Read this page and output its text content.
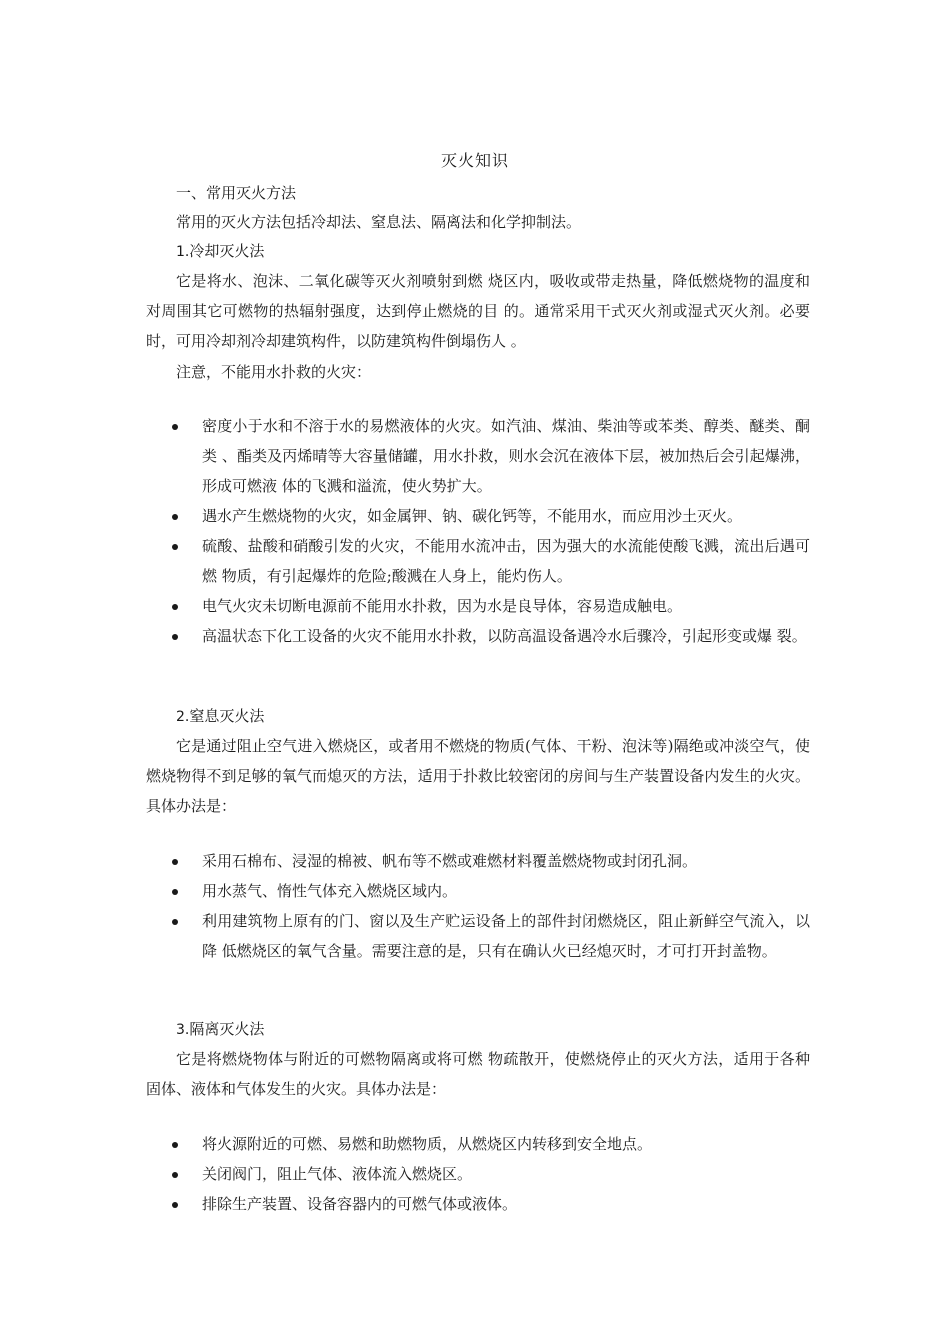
灭火知识

一、常用灭火方法

常用的灭火方法包括冷却法、窒息法、隔离法和化学抑制法。

1.冷却灭火法

它是将水、泡沫、二氧化碳等灭火剂喷射到燃 烧区内，吸收或带走热量，降低燃烧物的温度和对周围其它可燃物的热辐射强度，达到停止燃烧的目 的。通常采用干式灭火剂或湿式灭火剂。必要时，可用冷却剂冷却建筑构件，以防建筑构件倒塌伤人 。

注意，不能用水扑救的火灾：

密度小于水和不溶于水的易燃液体的火灾。如汽油、煤油、柴油等或苯类、醇类、醚类、酮类 、酯类及丙烯晴等大容量储罐，用水扑救，则水会沉在液体下层，被加热后会引起爆沸，形成可燃液 体的飞溅和溢流，使火势扩大。
遇水产生燃烧物的火灾，如金属钾、钠、碳化钙等，不能用水，而应用沙土灭火。
硫酸、盐酸和硝酸引发的火灾，不能用水流冲击，因为强大的水流能使酸飞溅，流出后遇可燃 物质，有引起爆炸的危险;酸溅在人身上，能灼伤人。
电气火灾未切断电源前不能用水扑救，因为水是良导体，容易造成触电。
高温状态下化工设备的火灾不能用水扑救，以防高温设备遇冷水后骤冷，引起形变或爆 裂。

2.窒息灭火法

它是通过阻止空气进入燃烧区，或者用不燃烧的物质(气体、干粉、泡沫等)隔绝或冲淡空气，使燃烧物得不到足够的氧气而熄灭的方法，适用于扑救比较密闭的房间与生产装置设备内发生的火灾。具体办法是：

采用石棉布、浸湿的棉被、帆布等不燃或难燃材料覆盖燃烧物或封闭孔洞。
用水蒸气、惰性气体充入燃烧区域内。
利用建筑物上原有的门、窗以及生产贮运设备上的部件封闭燃烧区，阻止新鲜空气流入，以降 低燃烧区的氧气含量。需要注意的是，只有在确认火已经熄灭时，才可打开封盖物。

3.隔离灭火法

它是将燃烧物体与附近的可燃物隔离或将可燃 物疏散开，使燃烧停止的灭火方法，适用于各种固体、液体和气体发生的火灾。具体办法是：

将火源附近的可燃、易燃和助燃物质，从燃烧区内转移到安全地点。
关闭阀门，阻止气体、液体流入燃烧区。
排除生产装置、设备容器内的可燃气体或液体。
